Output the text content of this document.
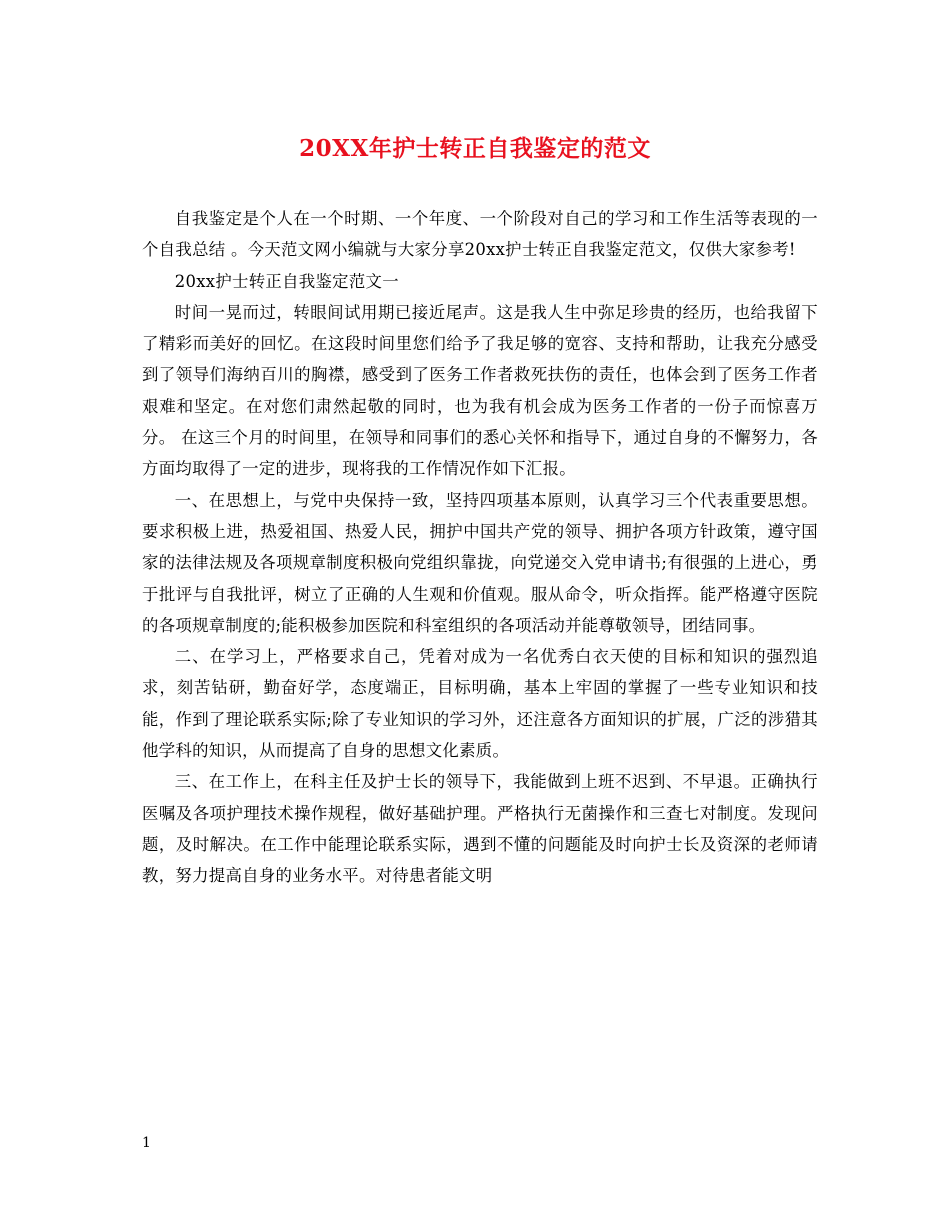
20XX年护士转正自我鉴定的范文

自我鉴定是个人在一个时期、一个年度、一个阶段对自己的学习和工作生活等表现的一个自我总结 。今天范文网小编就与大家分享20xx护士转正自我鉴定范文，仅供大家参考!

20xx护士转正自我鉴定范文一

时间一晃而过，转眼间试用期已接近尾声。这是我人生中弥足珍贵的经历，也给我留下了精彩而美好的回忆。在这段时间里您们给予了我足够的宽容、支持和帮助，让我充分感受到了领导们海纳百川的胸襟，感受到了医务工作者救死扶伤的责任，也体会到了医务工作者艰难和坚定。在对您们肃然起敬的同时，也为我有机会成为医务工作者的一份子而惊喜万分。 在这三个月的时间里，在领导和同事们的悉心关怀和指导下，通过自身的不懈努力，各方面均取得了一定的进步，现将我的工作情况作如下汇报。

一、在思想上，与党中央保持一致，坚持四项基本原则，认真学习三个代表重要思想。要求积极上进，热爱祖国、热爱人民，拥护中国共产党的领导、拥护各项方针政策，遵守国家的法律法规及各项规章制度积极向党组织靠拢，向党递交入党申请书;有很强的上进心，勇于批评与自我批评，树立了正确的人生观和价值观。服从命令，听众指挥。能严格遵守医院的各项规章制度的;能积极参加医院和科室组织的各项活动并能尊敬领导，团结同事。

二、在学习上，严格要求自己，凭着对成为一名优秀白衣天使的目标和知识的强烈追求，刻苦钻研，勤奋好学，态度端正，目标明确，基本上牢固的掌握了一些专业知识和技能，作到了理论联系实际;除了专业知识的学习外，还注意各方面知识的扩展，广泛的涉猎其他学科的知识，从而提高了自身的思想文化素质。

三、在工作上，在科主任及护士长的领导下，我能做到上班不迟到、不早退。正确执行医嘱及各项护理技术操作规程，做好基础护理。严格执行无菌操作和三查七对制度。发现问题，及时解决。在工作中能理论联系实际，遇到不懂的问题能及时向护士长及资深的老师请教，努力提高自身的业务水平。对待患者能文明

1
